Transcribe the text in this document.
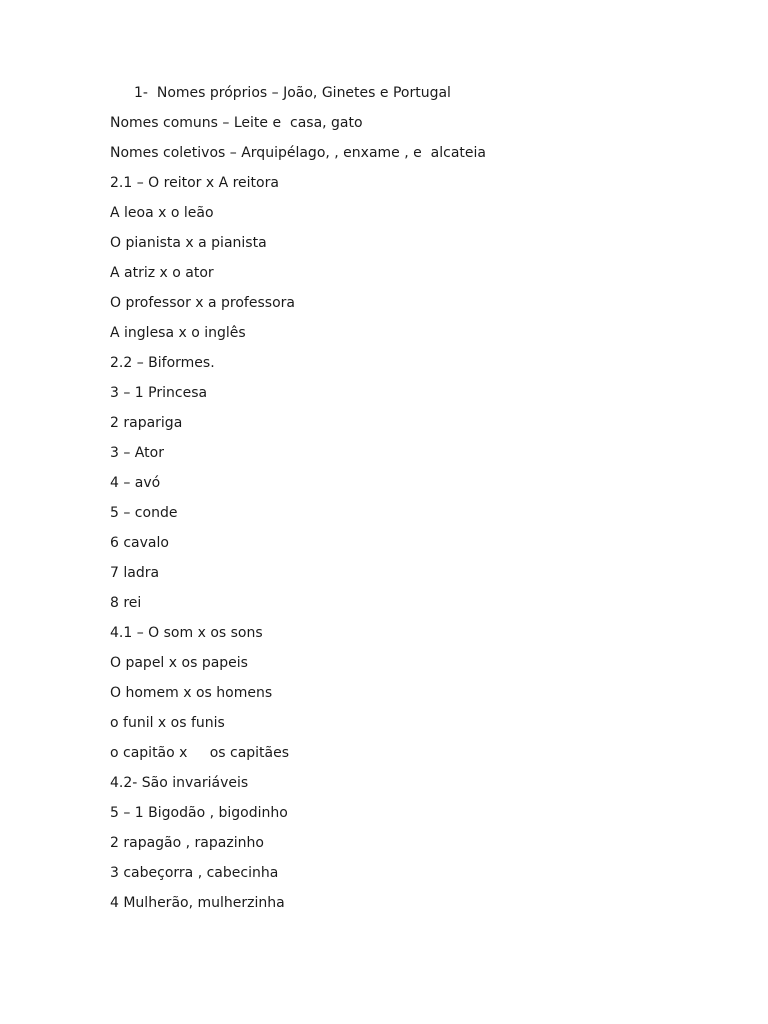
1-  Nomes próprios – João, Ginetes e Portugal
Nomes comuns – Leite e  casa, gato
Nomes coletivos – Arquipélago, , enxame , e  alcateia
2.1 – O reitor x A reitora
A leoa x o leão
O pianista x a pianista
A atriz x o ator
O professor x a professora
A inglesa x o inglês
2.2 – Biformes.
3 – 1 Princesa
2 rapariga
3 – Ator
4 – avó
5 – conde
6 cavalo
7 ladra
8 rei
4.1 – O som x os sons
O papel x os papeis
O homem x os homens
o funil x os funis
o capitão x     os capitães
4.2- São invariáveis
5 – 1 Bigodão , bigodinho
2 rapagão , rapazinho
3 cabeçorra , cabecinha
4 Mulherão, mulherzinha
